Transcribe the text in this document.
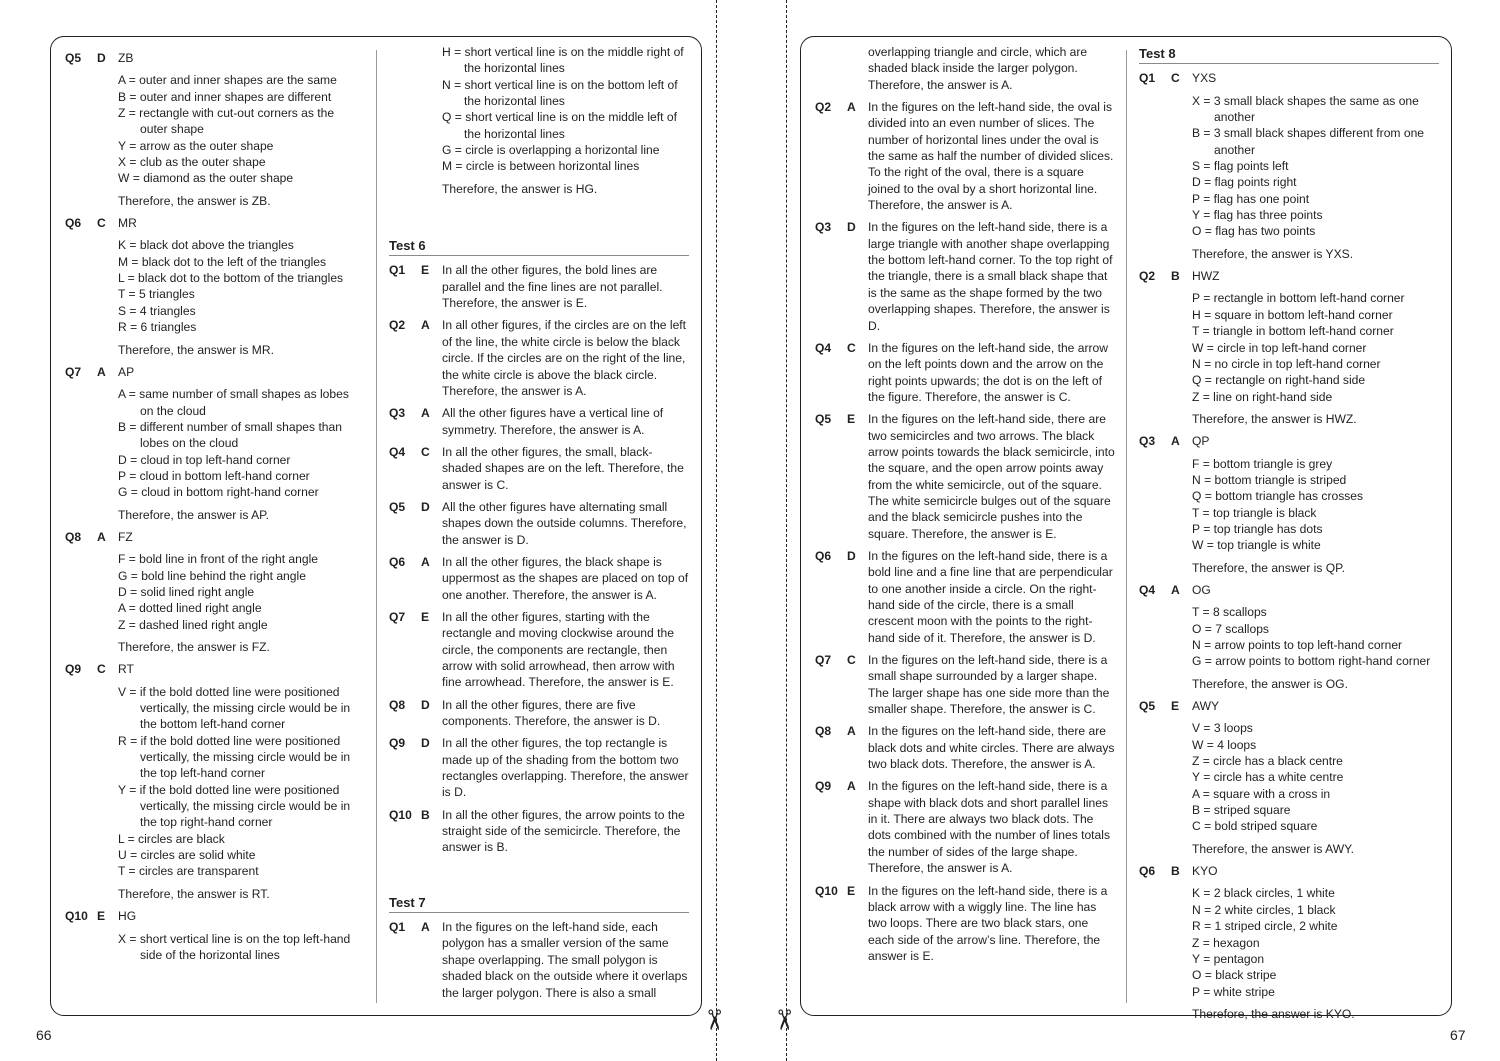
✂ ✂
Q5	D	ZB
A = outer and inner shapes are the same
B = outer and inner shapes are different
Z = rectangle with cut-out corners as the outer shape
Y = arrow as the outer shape
X = club as the outer shape
W = diamond as the outer shape
Therefore, the answer is ZB.
Q6	C	MR
K = black dot above the triangles
M = black dot to the left of the triangles
L = black dot to the bottom of the triangles
T = 5 triangles
S = 4 triangles
R = 6 triangles
Therefore, the answer is MR.
Q7	A	AP
A = same number of small shapes as lobes on the cloud
B = different number of small shapes than lobes on the cloud
D = cloud in top left-hand corner
P = cloud in bottom left-hand corner
G = cloud in bottom right-hand corner
Therefore, the answer is AP.
Q8	A	FZ
F = bold line in front of the right angle
G = bold line behind the right angle
D = solid lined right angle
A = dotted lined right angle
Z = dashed lined right angle
Therefore, the answer is FZ.
Q9	C	RT
V = if the bold dotted line were positioned vertically, the missing circle would be in the bottom left-hand corner
R = if the bold dotted line were positioned vertically, the missing circle would be in the top left-hand corner
Y = if the bold dotted line were positioned vertically, the missing circle would be in the top right-hand corner
L = circles are black
U = circles are solid white
T = circles are transparent
Therefore, the answer is RT.
Q10 E	HG
X = short vertical line is on the top left-hand side of the horizontal lines
H = short vertical line is on the middle right of the horizontal lines
N = short vertical line is on the bottom left of the horizontal lines
Q = short vertical line is on the middle left of the horizontal lines
G = circle is overlapping a horizontal line
M = circle is between horizontal lines
Therefore, the answer is HG.
Test 6
Q1	E	In all the other figures, the bold lines are parallel and the fine lines are not parallel. Therefore, the answer is E.
Q2	A	In all other figures, if the circles are on the left of the line, the white circle is below the black circle. If the circles are on the right of the line, the white circle is above the black circle. Therefore, the answer is A.
Q3	A	All the other figures have a vertical line of symmetry. Therefore, the answer is A.
Q4	C	In all the other figures, the small, black-shaded shapes are on the left. Therefore, the answer is C.
Q5	D	All the other figures have alternating small shapes down the outside columns. Therefore, the answer is D.
Q6	A	In all the other figures, the black shape is uppermost as the shapes are placed on top of one another. Therefore, the answer is A.
Q7	E	In all the other figures, starting with the rectangle and moving clockwise around the circle, the components are rectangle, then arrow with solid arrowhead, then arrow with fine arrowhead. Therefore, the answer is E.
Q8	D	In all the other figures, there are five components. Therefore, the answer is D.
Q9	D	In all the other figures, the top rectangle is made up of the shading from the bottom two rectangles overlapping. Therefore, the answer is D.
Q10 B	In all the other figures, the arrow points to the straight side of the semicircle. Therefore, the answer is B.
Test 7
Q1	A	In the figures on the left-hand side, each polygon has a smaller version of the same shape overlapping. The small polygon is shaded black on the outside where it overlaps the larger polygon. There is also a small
overlapping triangle and circle, which are shaded black inside the larger polygon. Therefore, the answer is A.
Q2	A	In the figures on the left-hand side, the oval is divided into an even number of slices. The number of horizontal lines under the oval is the same as half the number of divided slices. To the right of the oval, there is a square joined to the oval by a short horizontal line. Therefore, the answer is A.
Q3	D	In the figures on the left-hand side, there is a large triangle with another shape overlapping the bottom left-hand corner. To the top right of the triangle, there is a small black shape that is the same as the shape formed by the two overlapping shapes. Therefore, the answer is D.
Q4	C	In the figures on the left-hand side, the arrow on the left points down and the arrow on the right points upwards; the dot is on the left of the figure. Therefore, the answer is C.
Q5	E	In the figures on the left-hand side, there are two semicircles and two arrows. The black arrow points towards the black semicircle, into the square, and the open arrow points away from the white semicircle, out of the square. The white semicircle bulges out of the square and the black semicircle pushes into the square. Therefore, the answer is E.
Q6	D	In the figures on the left-hand side, there is a bold line and a fine line that are perpendicular to one another inside a circle. On the right-hand side of the circle, there is a small crescent moon with the points to the right-hand side of it. Therefore, the answer is D.
Q7	C	In the figures on the left-hand side, there is a small shape surrounded by a larger shape. The larger shape has one side more than the smaller shape. Therefore, the answer is C.
Q8	A	In the figures on the left-hand side, there are black dots and white circles. There are always two black dots. Therefore, the answer is A.
Q9	A	In the figures on the left-hand side, there is a shape with black dots and short parallel lines in it. There are always two black dots. The dots combined with the number of lines totals the number of sides of the large shape. Therefore, the answer is A.
Q10 E	In the figures on the left-hand side, there is a black arrow with a wiggly line. The line has two loops. There are two black stars, one each side of the arrow’s line. Therefore, the answer is E.
Test 8
Q1	C	YXS
X = 3 small black shapes the same as one another
B = 3 small black shapes different from one another
S = flag points left
D = flag points right
P = flag has one point
Y = flag has three points
O = flag has two points
Therefore, the answer is YXS.
Q2	B	HWZ
P = rectangle in bottom left-hand corner
H = square in bottom left-hand corner
T = triangle in bottom left-hand corner
W = circle in top left-hand corner
N = no circle in top left-hand corner
Q = rectangle on right-hand side
Z = line on right-hand side
Therefore, the answer is HWZ.
Q3	A	QP
F = bottom triangle is grey
N = bottom triangle is striped
Q = bottom triangle has crosses
T = top triangle is black
P = top triangle has dots
W = top triangle is white
Therefore, the answer is QP.
Q4	A	OG
T = 8 scallops
O = 7 scallops
N = arrow points to top left-hand corner
G = arrow points to bottom right-hand corner
Therefore, the answer is OG.
Q5	E	AWY
V = 3 loops
W = 4 loops
Z = circle has a black centre
Y = circle has a white centre
A = square with a cross in
B = striped square
C = bold striped square
Therefore, the answer is AWY.
Q6	B	KYO
K = 2 black circles, 1 white
N = 2 white circles, 1 black
R = 1 striped circle, 2 white
Z = hexagon
Y = pentagon
O = black stripe
P = white stripe
Therefore, the answer is KYO.
66	67
